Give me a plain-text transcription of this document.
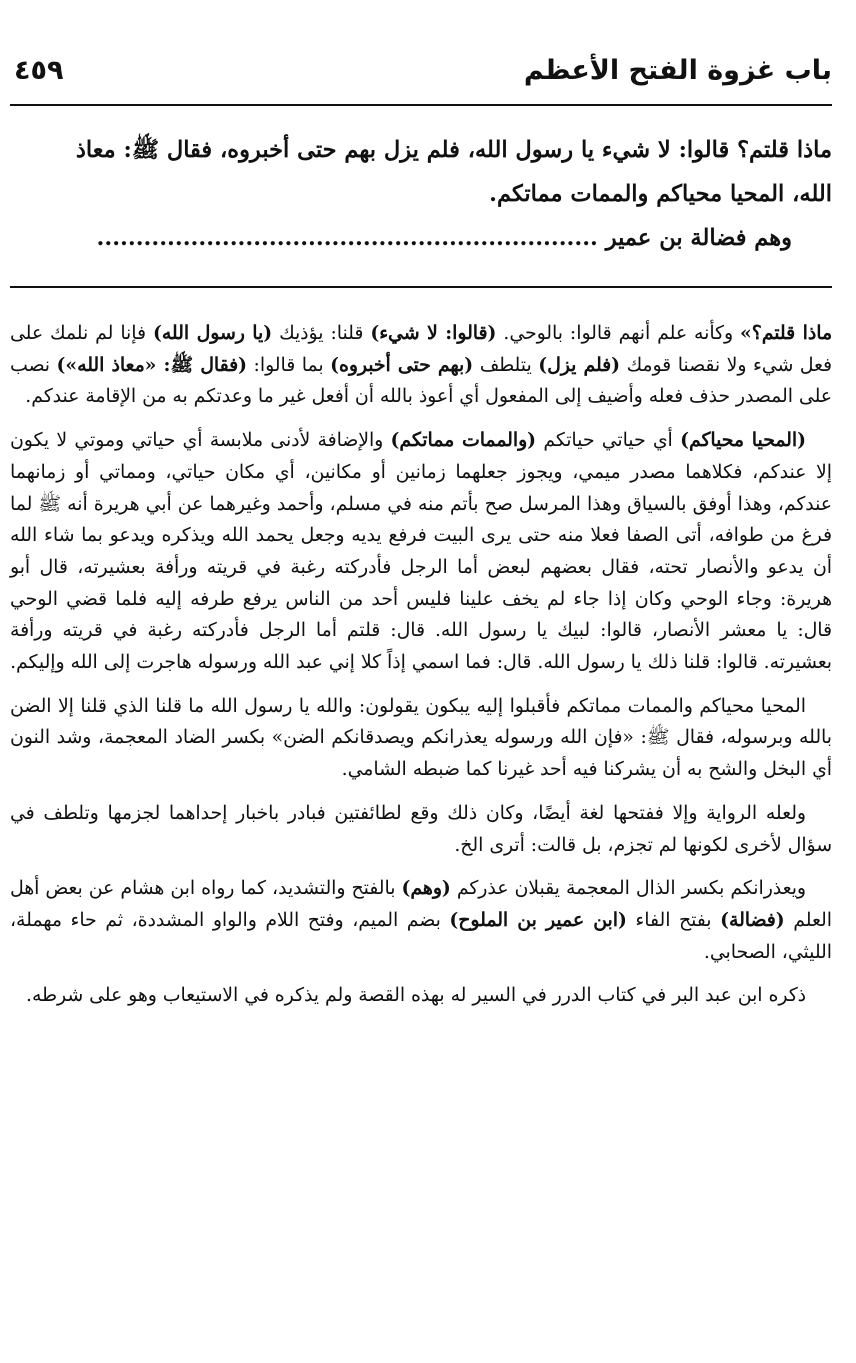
باب غزوة الفتح الأعظم
٤٥٩

ماذا قلتم؟ قالوا: لا شيء يا رسول الله، فلم يزل بهم حتى أخبروه، فقال ﷺ: معاذ

الله، المحيا محياكم والممات مماتكم.

وهم فضالة بن عمير ................................................................

ماذا قلتم؟» وكأنه علم أنهم قالوا: بالوحي. (قالوا: لا شيء) قلنا: يؤذيك (يا رسول الله) فإنا لم نلمك على فعل شيء ولا نقصنا قومك (فلم يزل) يتلطف (بهم حتى أخبروه) بما قالوا: (فقال ﷺ: «معاذ الله») نصب على المصدر حذف فعله وأضيف إلى المفعول أي أعوذ بالله أن أفعل غير ما وعدتكم به من الإقامة عندكم.

(المحيا محياكم) أي حياتي حياتكم (والممات مماتكم) والإضافة لأدنى ملابسة أي حياتي وموتي لا يكون إلا عندكم، فكلاهما مصدر ميمي، ويجوز جعلهما زمانين أو مكانين، أي مكان حياتي، ومماتي أو زمانهما عندكم، وهذا أوفق بالسياق وهذا المرسل صح بأتم منه في مسلم، وأحمد وغيرهما عن أبي هريرة أنه ﷺ لما فرغ من طوافه، أتى الصفا فعلا منه حتى يرى البيت فرفع يديه وجعل يحمد الله ويذكره ويدعو بما شاء الله أن يدعو والأنصار تحته، فقال بعضهم لبعض أما الرجل فأدركته رغبة في قريته ورأفة بعشيرته، قال أبو هريرة: وجاء الوحي وكان إذا جاء لم يخف علينا فليس أحد من الناس يرفع طرفه إليه فلما قضي الوحي قال: يا معشر الأنصار، قالوا: لبيك يا رسول الله. قال: قلتم أما الرجل فأدركته رغبة في قريته ورأفة بعشيرته. قالوا: قلنا ذلك يا رسول الله. قال: فما اسمي إذاً كلا إني عبد الله ورسوله هاجرت إلى الله وإليكم.

المحيا محياكم والممات مماتكم فأقبلوا إليه يبكون يقولون: والله يا رسول الله ما قلنا الذي قلنا إلا الضن بالله وبرسوله، فقال ﷺ: «فإن الله ورسوله يعذرانكم ويصدقانكم الضن» بكسر الضاد المعجمة، وشد النون أي البخل والشح به أن يشركنا فيه أحد غيرنا كما ضبطه الشامي.

ولعله الرواية وإلا ففتحها لغة أيضًا، وكان ذلك وقع لطائفتين فبادر باخبار إحداهما لجزمها وتلطف في سؤال لأخرى لكونها لم تجزم، بل قالت: أترى الخ.

ويعذرانكم بكسر الذال المعجمة يقبلان عذركم (وهم) بالفتح والتشديد، كما رواه ابن هشام عن بعض أهل العلم (فضالة) بفتح الفاء (ابن عمير بن الملوح) بضم الميم، وفتح اللام والواو المشددة، ثم حاء مهملة، الليثي، الصحابي.

ذكره ابن عبد البر في كتاب الدرر في السير له بهذه القصة ولم يذكره في الاستيعاب وهو على شرطه.
